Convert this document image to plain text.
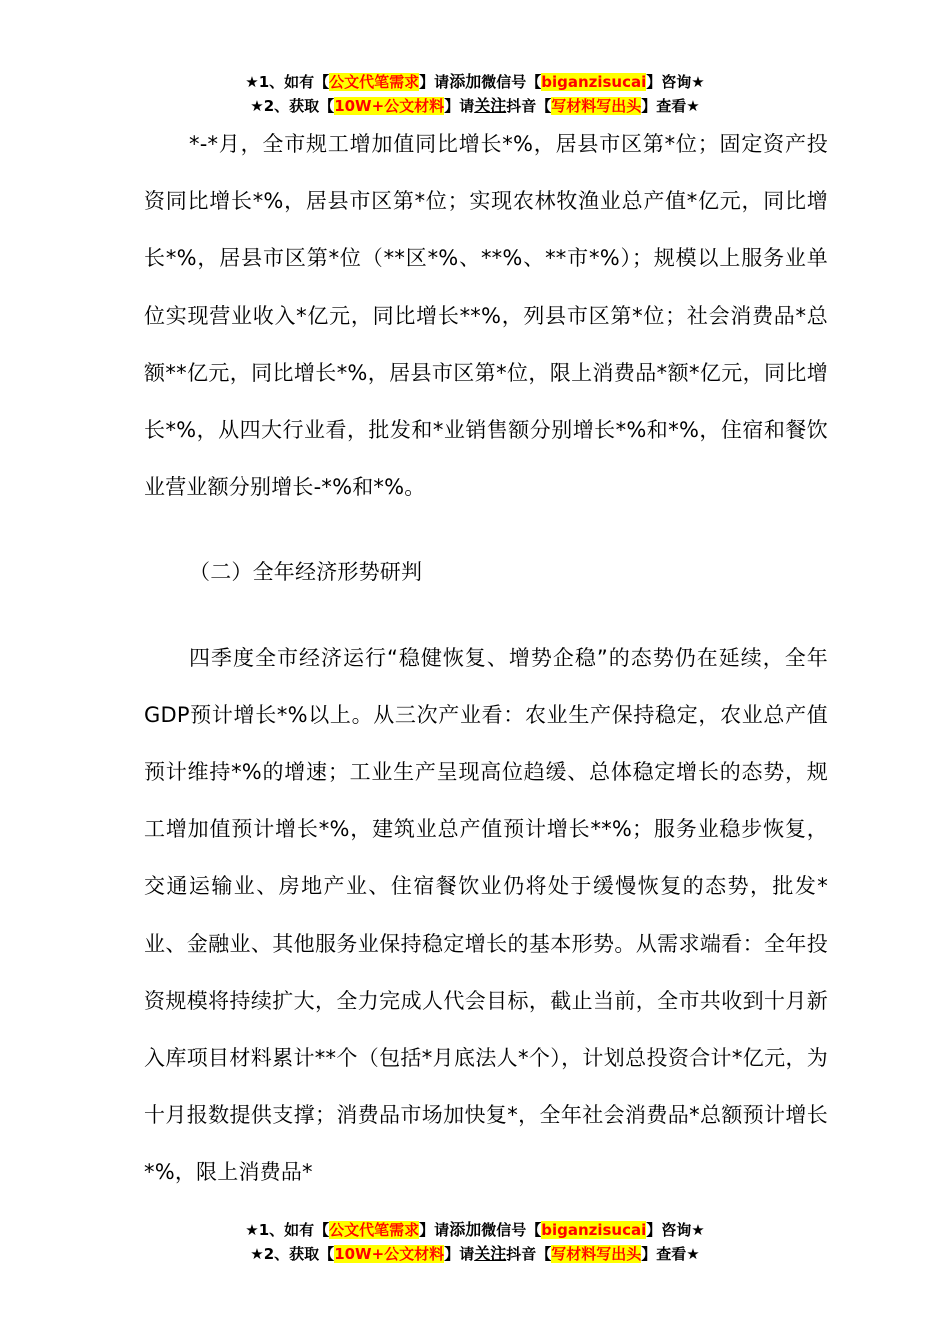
★1、如有【公文代笔需求】请添加微信号【biganzisucai】咨询★
★2、获取【10W+公文材料】请关注抖音【写材料写出头】查看★

*-*月，全市规工增加值同比增长*%，居县市区第*位；固定资产投资同比增长*%，居县市区第*位；实现农林牧渔业总产值*亿元，同比增长*%，居县市区第*位（**区*%、**%、**市*%）；规模以上服务业单位实现营业收入*亿元，同比增长**%，列县市区第*位；社会消费品*总额**亿元，同比增长*%，居县市区第*位，限上消费品*额*亿元，同比增长*%，从四大行业看，批发和*业销售额分别增长*%和*%，住宿和餐饮业营业额分别增长-*%和*%。

（二）全年经济形势研判

四季度全市经济运行“稳健恢复、增势企稳”的态势仍在延续，全年GDP预计增长*%以上。从三次产业看：农业生产保持稳定，农业总产值预计维持*%的增速；工业生产呈现高位趋缓、总体稳定增长的态势，规工增加值预计增长*%，建筑业总产值预计增长**%；服务业稳步恢复，交通运输业、房地产业、住宿餐饮业仍将处于缓慢恢复的态势，批发*业、金融业、其他服务业保持稳定增长的基本形势。从需求端看：全年投资规模将持续扩大，全力完成人代会目标，截止当前，全市共收到十月新入库项目材料累计**个（包括*月底法人*个），计划总投资合计*亿元，为十月报数提供支撑；消费品市场加快复*，全年社会消费品*总额预计增长*%，限上消费品*

★1、如有【公文代笔需求】请添加微信号【biganzisucai】咨询★
★2、获取【10W+公文材料】请关注抖音【写材料写出头】查看★
